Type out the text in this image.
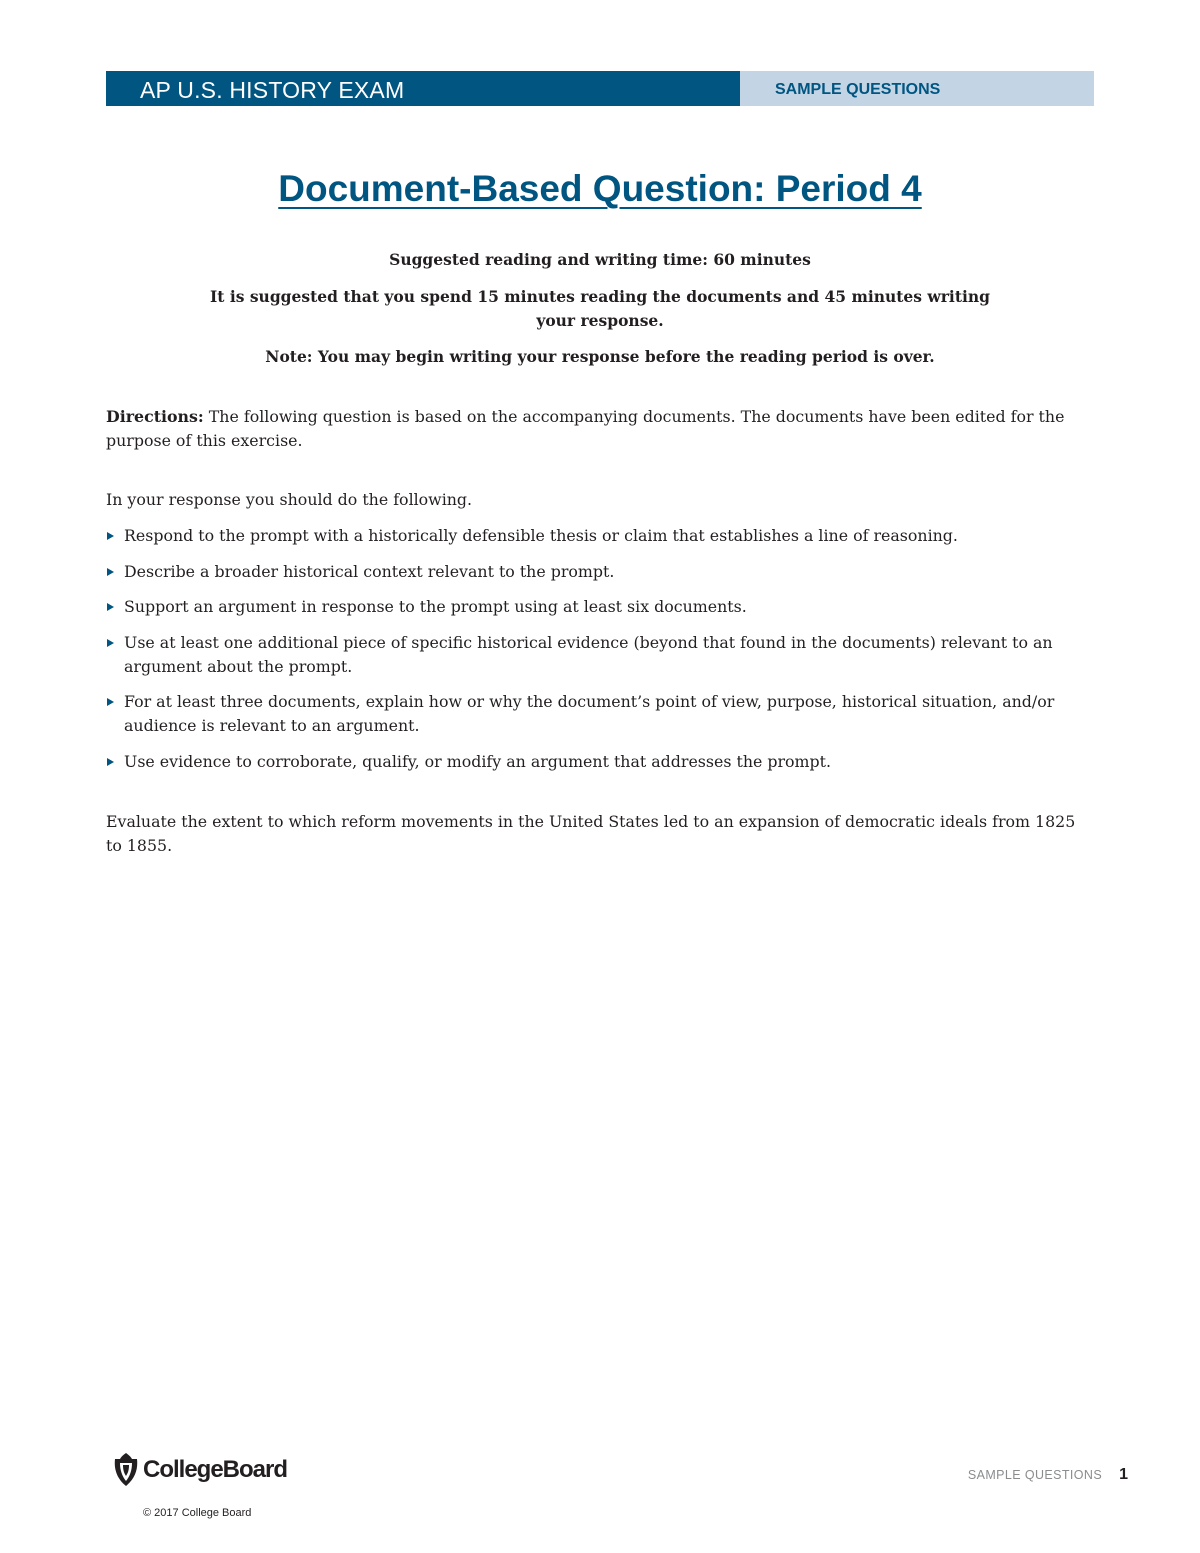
AP U.S. HISTORY EXAM	SAMPLE QUESTIONS
Document-Based Question: Period 4

Suggested reading and writing time: 60 minutes

It is suggested that you spend 15 minutes reading the documents and 45 minutes writing
your response.

Note: You may begin writing your response before the reading period is over.

Directions: The following question is based on the accompanying documents. The documents have been edited for the purpose of this exercise.

In your response you should do the following.

Respond to the prompt with a historically defensible thesis or claim that establishes a line of reasoning.
Describe a broader historical context relevant to the prompt.
Support an argument in response to the prompt using at least six documents.
Use at least one additional piece of specific historical evidence (beyond that found in the documents) relevant to an argument about the prompt.
For at least three documents, explain how or why the document’s point of view, purpose, historical situation, and/or audience is relevant to an argument.
Use evidence to corroborate, qualify, or modify an argument that addresses the prompt.

Evaluate the extent to which reform movements in the United States led to an expansion of democratic ideals from 1825 to 1855.

CollegeBoard
© 2017 College Board
SAMPLE QUESTIONS 1
